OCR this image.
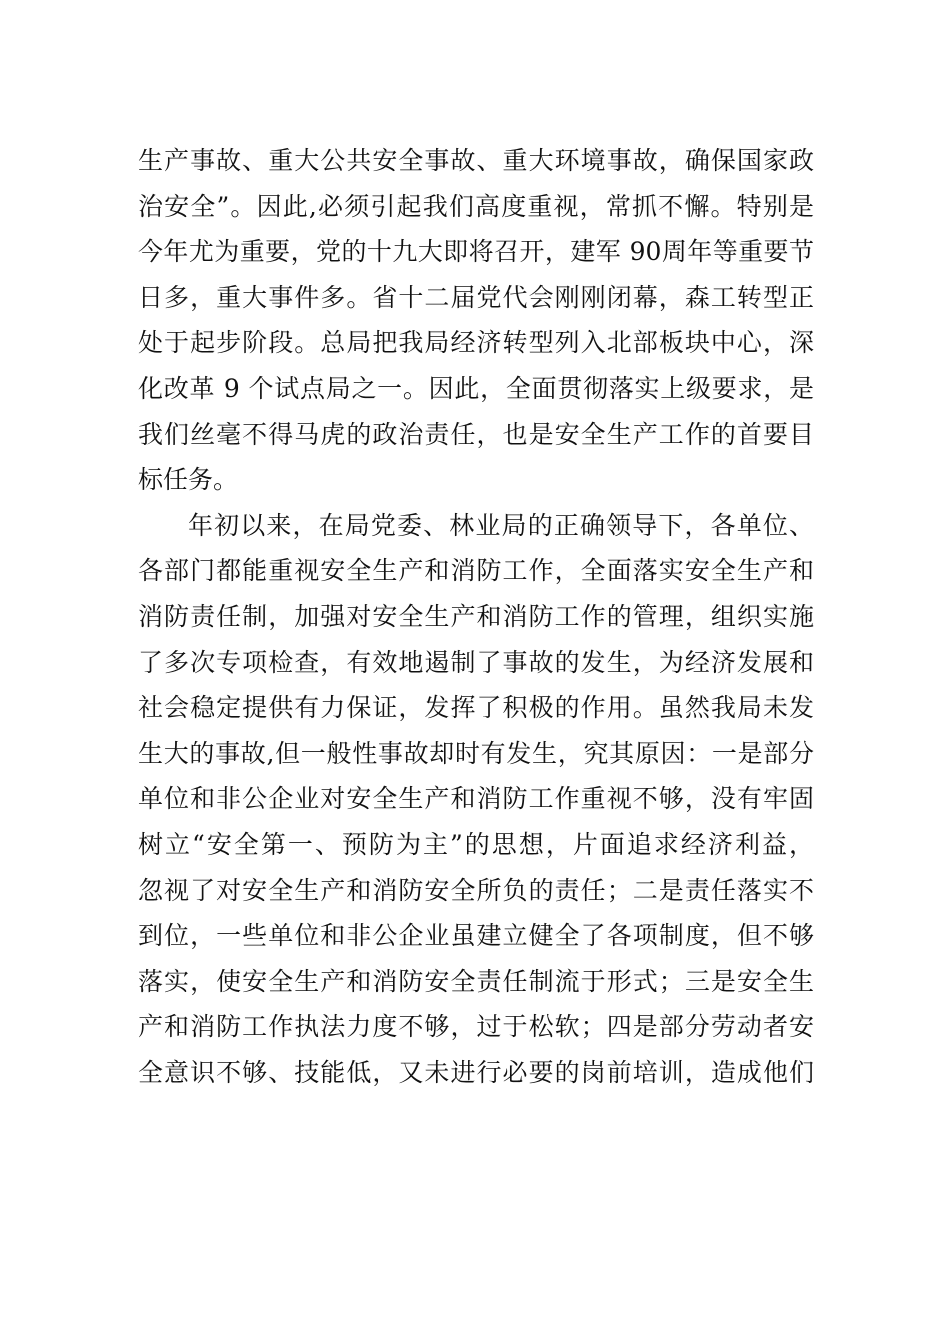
生产事故、重大公共安全事故、重大环境事故，确保国家政
治安全”。因此,必须引起我们高度重视，常抓不懈。特别是
今年尤为重要，党的十九大即将召开，建军 90周年等重要节
日多，重大事件多。省十二届党代会刚刚闭幕，森工转型正
处于起步阶段。总局把我局经济转型列入北部板块中心，深
化改革 9 个试点局之一。因此，全面贯彻落实上级要求，是
我们丝毫不得马虎的政治责任，也是安全生产工作的首要目
标任务。
年初以来，在局党委、林业局的正确领导下，各单位、
各部门都能重视安全生产和消防工作，全面落实安全生产和
消防责任制，加强对安全生产和消防工作的管理，组织实施
了多次专项检查，有效地遏制了事故的发生，为经济发展和
社会稳定提供有力保证，发挥了积极的作用。虽然我局未发
生大的事故,但一般性事故却时有发生，究其原因：一是部分
单位和非公企业对安全生产和消防工作重视不够，没有牢固
树立“安全第一、预防为主”的思想，片面追求经济利益，
忽视了对安全生产和消防安全所负的责任；二是责任落实不
到位，一些单位和非公企业虽建立健全了各项制度，但不够
落实，使安全生产和消防安全责任制流于形式；三是安全生
产和消防工作执法力度不够，过于松软；四是部分劳动者安
全意识不够、技能低，又未进行必要的岗前培训，造成他们
